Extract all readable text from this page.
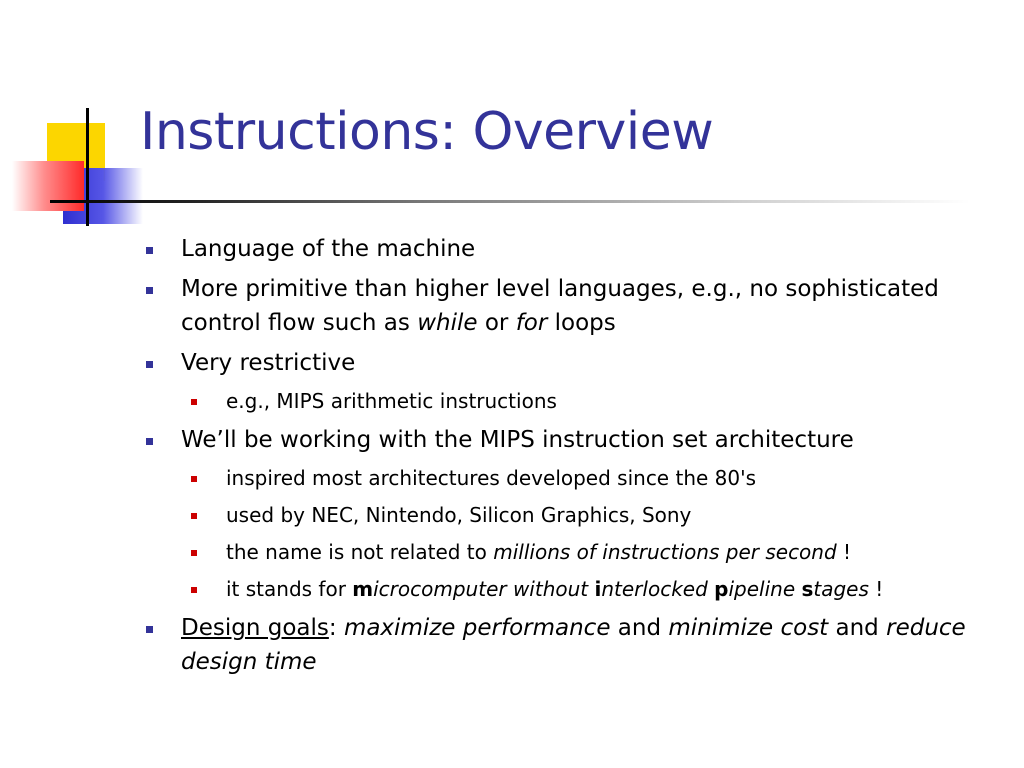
Instructions: Overview
Language of the machine
More primitive than higher level languages, e.g., no sophisticated control flow such as while or for loops
Very restrictive
e.g., MIPS arithmetic instructions
We’ll be working with the MIPS instruction set architecture
inspired most architectures developed since the 80's
used by NEC, Nintendo, Silicon Graphics, Sony
the name is not related to millions of instructions per second !
it stands for microcomputer without interlocked pipeline stages !
Design goals: maximize performance and minimize cost and reduce design time
